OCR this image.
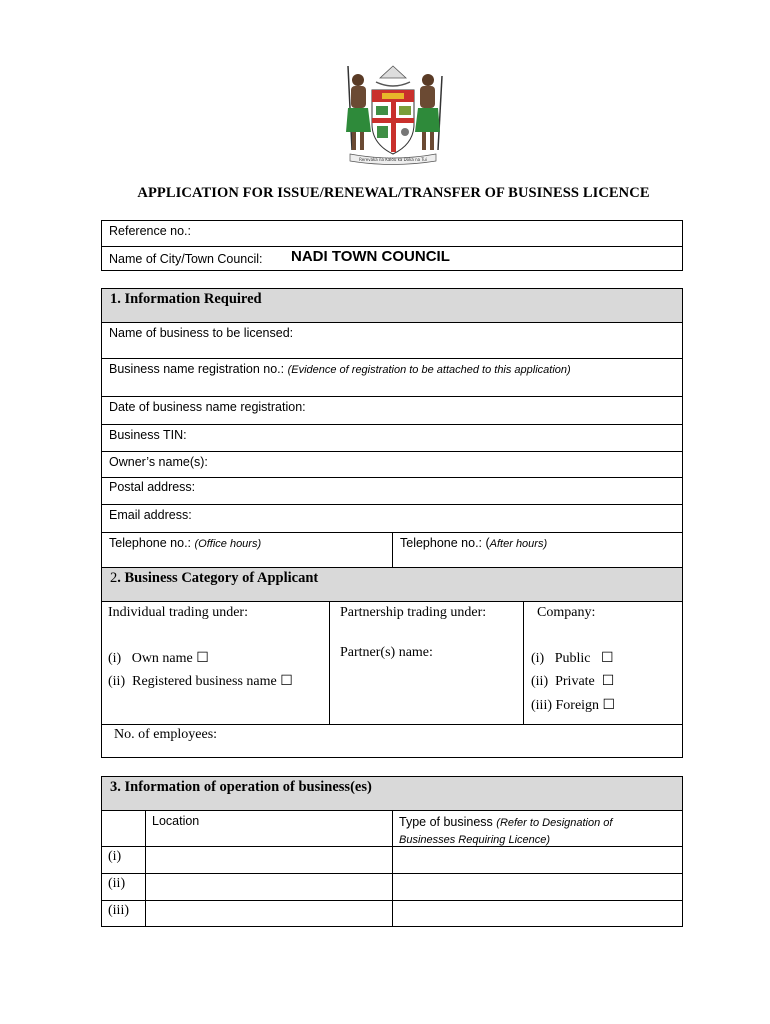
Rerevaka na Kalou ka Doka na Tui
APPLICATION FOR ISSUE/RENEWAL/TRANSFER OF BUSINESS LICENCE
Reference no.:
Name of City/Town Council: NADI TOWN COUNCIL
1. Information Required
Name of business to be licensed:
Business name registration no.: (Evidence of registration to be attached to this application)
Date of business name registration:
Business TIN:
Owner’s name(s):
Postal address:
Email address:
Telephone no.: (Office hours)	Telephone no.: (After hours)
2. Business Category of Applicant
Individual trading under:
(i)   Own name ☐
(ii)  Registered business name ☐
Partnership trading under:
Partner(s) name:
Company:
(i)   Public   ☐
(ii)  Private  ☐
(iii) Foreign ☐
No. of employees:
3. Information of operation of business(es)
Location	Type of business (Refer to Designation of
Businesses Requiring Licence)
(i)
(ii)
(iii)
